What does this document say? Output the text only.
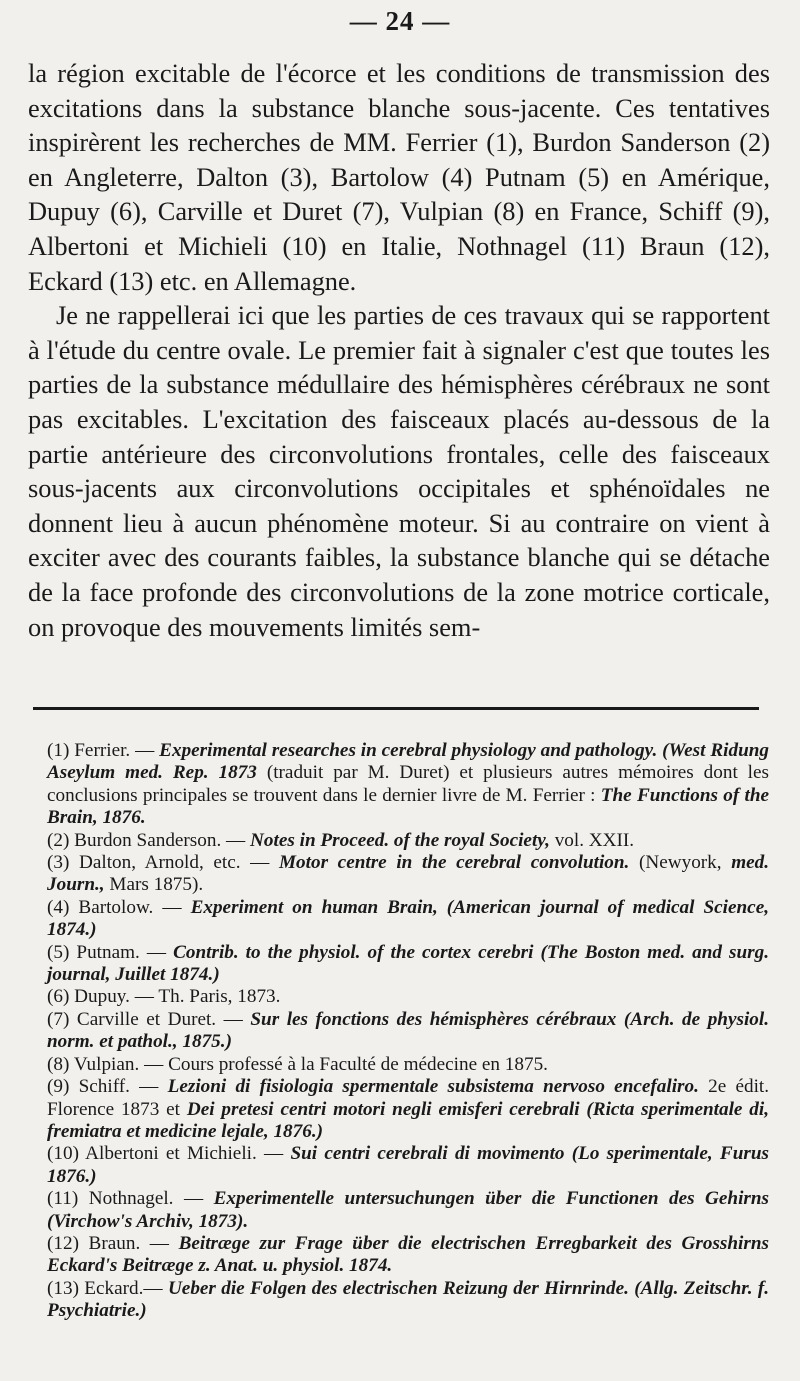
— 24 —

la région excitable de l'écorce et les conditions de transmission des excitations dans la substance blanche sous-jacente. Ces tentatives inspirèrent les recherches de MM. Ferrier (1), Burdon Sanderson (2) en Angleterre, Dalton (3), Bartolow (4) Putnam (5) en Amérique, Dupuy (6), Carville et Duret (7), Vulpian (8) en France, Schiff (9), Albertoni et Michieli (10) en Italie, Nothnagel (11) Braun (12), Eckard (13) etc. en Allemagne.

Je ne rappellerai ici que les parties de ces travaux qui se rapportent à l'étude du centre ovale. Le premier fait à signaler c'est que toutes les parties de la substance médullaire des hémisphères cérébraux ne sont pas excitables. L'excitation des faisceaux placés au-dessous de la partie antérieure des circonvolutions frontales, celle des faisceaux sous-jacents aux circonvolutions occipitales et sphénoïdales ne donnent lieu à aucun phénomène moteur. Si au contraire on vient à exciter avec des courants faibles, la substance blanche qui se détache de la face profonde des circonvolutions de la zone motrice corticale, on provoque des mouvements limités sem-

(1) Ferrier. — Experimental researches in cerebral physiology and pathology. (West Ridung Aseylum med. Rep. 1873 (traduit par M. Duret) et plusieurs autres mémoires dont les conclusions principales se trouvent dans le dernier livre de M. Ferrier : The Functions of the Brain, 1876.

(2) Burdon Sanderson. — Notes in Proceed. of the royal Society, vol. XXII.

(3) Dalton, Arnold, etc. — Motor centre in the cerebral convolution. (Newyork, med. Journ., Mars 1875).

(4) Bartolow. — Experiment on human Brain, (American journal of medical Science, 1874.)

(5) Putnam. — Contrib. to the physiol. of the cortex cerebri (The Boston med. and surg. journal, Juillet 1874.)

(6) Dupuy. — Th. Paris, 1873.

(7) Carville et Duret. — Sur les fonctions des hémisphères cérébraux (Arch. de physiol. norm. et pathol., 1875.)

(8) Vulpian. — Cours professé à la Faculté de médecine en 1875.

(9) Schiff. — Lezioni di fisiologia spermentale subsistema nervoso encefaliro. 2e édit. Florence 1873 et Dei pretesi centri motori negli emisferi cerebrali (Ricta sperimentale di, fremiatra et medicine lejale, 1876.)

(10) Albertoni et Michieli. — Sui centri cerebrali di movimento (Lo sperimentale, Furus 1876.)

(11) Nothnagel. — Experimentelle untersuchungen über die Functionen des Gehirns (Virchow's Archiv, 1873).

(12) Braun. — Beitræge zur Frage über die electrischen Erregbarkeit des Grosshirns Eckard's Beitræge z. Anat. u. physiol. 1874.

(13) Eckard.— Ueber die Folgen des electrischen Reizung der Hirnrinde. (Allg. Zeitschr. f. Psychiatrie.)
